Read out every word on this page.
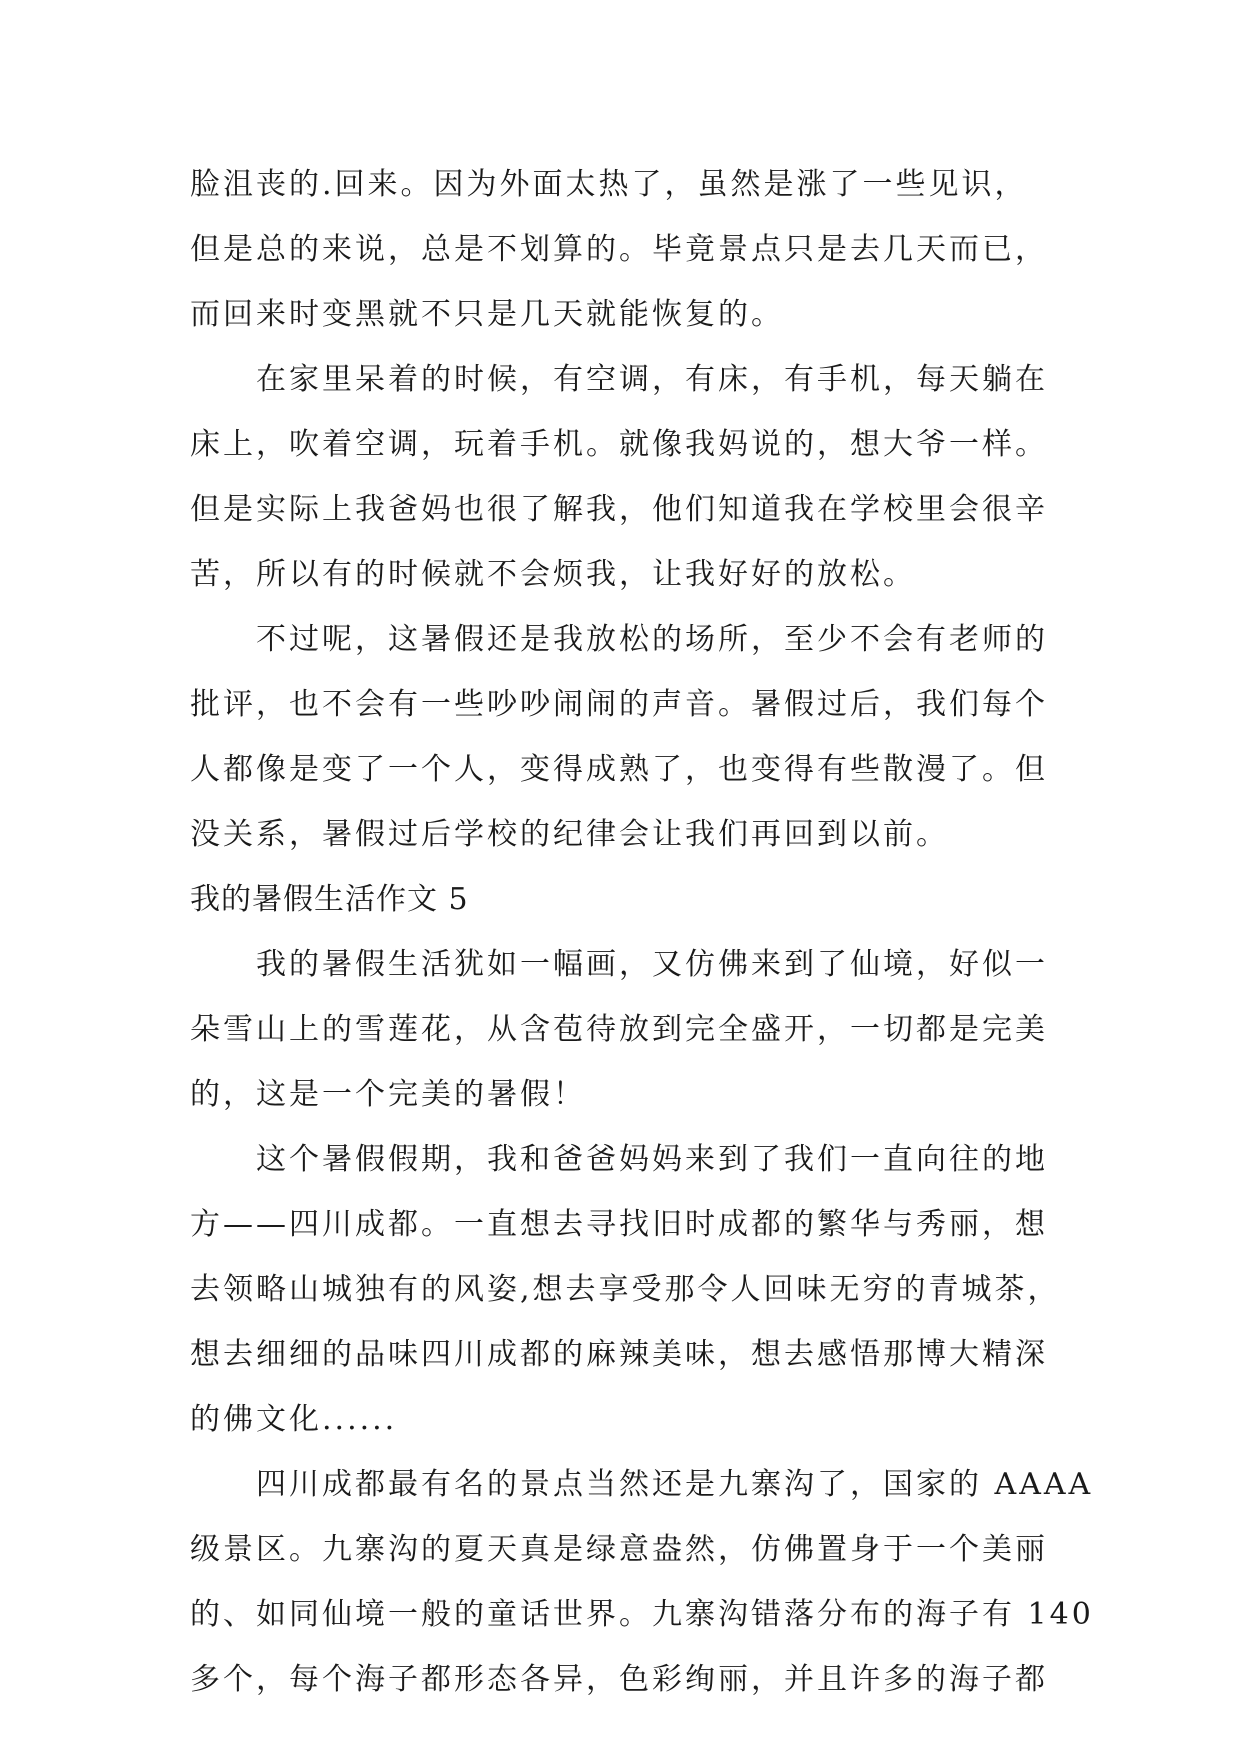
脸沮丧的.回来。因为外面太热了，虽然是涨了一些见识，
但是总的来说，总是不划算的。毕竟景点只是去几天而已，
而回来时变黑就不只是几天就能恢复的。
在家里呆着的时候，有空调，有床，有手机，每天躺在
床上，吹着空调，玩着手机。就像我妈说的，想大爷一样。
但是实际上我爸妈也很了解我，他们知道我在学校里会很辛
苦，所以有的时候就不会烦我，让我好好的放松。
不过呢，这暑假还是我放松的场所，至少不会有老师的
批评，也不会有一些吵吵闹闹的声音。暑假过后，我们每个
人都像是变了一个人，变得成熟了，也变得有些散漫了。但
没关系，暑假过后学校的纪律会让我们再回到以前。
我的暑假生活作文 5
我的暑假生活犹如一幅画，又仿佛来到了仙境，好似一
朵雪山上的雪莲花，从含苞待放到完全盛开，一切都是完美
的，这是一个完美的暑假！
这个暑假假期，我和爸爸妈妈来到了我们一直向往的地
方——四川成都。一直想去寻找旧时成都的繁华与秀丽，想
去领略山城独有的风姿,想去享受那令人回味无穷的青城茶，
想去细细的品味四川成都的麻辣美味，想去感悟那博大精深
的佛文化......
四川成都最有名的景点当然还是九寨沟了，国家的 AAAA
级景区。九寨沟的夏天真是绿意盎然，仿佛置身于一个美丽
的、如同仙境一般的童话世界。九寨沟错落分布的海子有 140
多个，每个海子都形态各异，色彩绚丽，并且许多的海子都
